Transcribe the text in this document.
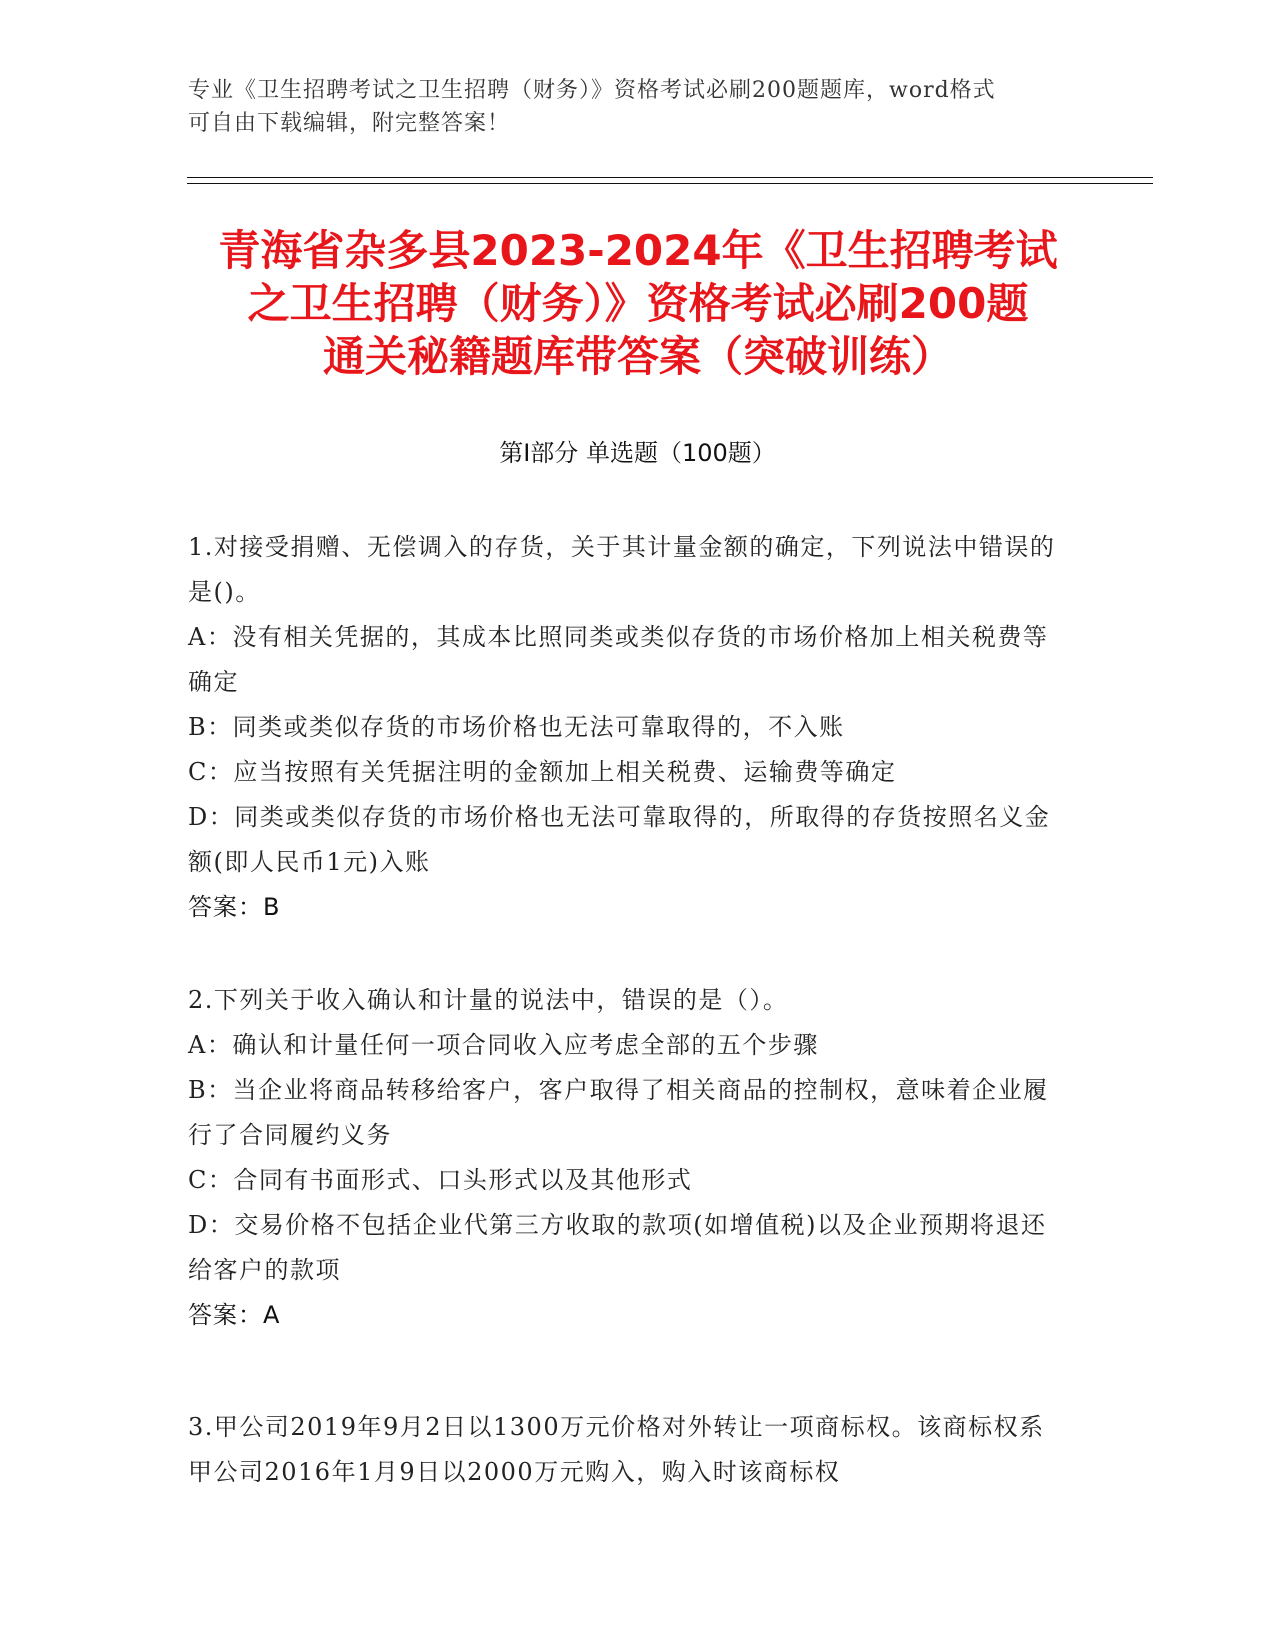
专业《卫生招聘考试之卫生招聘（财务）》资格考试必刷200题题库，word格式
可自由下载编辑，附完整答案！
青海省杂多县2023-2024年《卫生招聘考试
之卫生招聘（财务）》资格考试必刷200题
通关秘籍题库带答案（突破训练）
第Ⅰ部分 单选题（100题）

1.对接受捐赠、无偿调入的存货，关于其计量金额的确定，下列说法中错误的是()。

A：没有相关凭据的，其成本比照同类或类似存货的市场价格加上相关税费等确定

B：同类或类似存货的市场价格也无法可靠取得的，不入账

C：应当按照有关凭据注明的金额加上相关税费、运输费等确定

D：同类或类似存货的市场价格也无法可靠取得的，所取得的存货按照名义金额(即人民币1元)入账

答案：B

2.下列关于收入确认和计量的说法中，错误的是（）。

A：确认和计量任何一项合同收入应考虑全部的五个步骤

B：当企业将商品转移给客户，客户取得了相关商品的控制权，意味着企业履行了合同履约义务

C：合同有书面形式、口头形式以及其他形式

D：交易价格不包括企业代第三方收取的款项(如增值税)以及企业预期将退还给客户的款项

答案：A

3.甲公司2019年9月2日以1300万元价格对外转让一项商标权。该商标权系甲公司2016年1月9日以2000万元购入，购入时该商标权
